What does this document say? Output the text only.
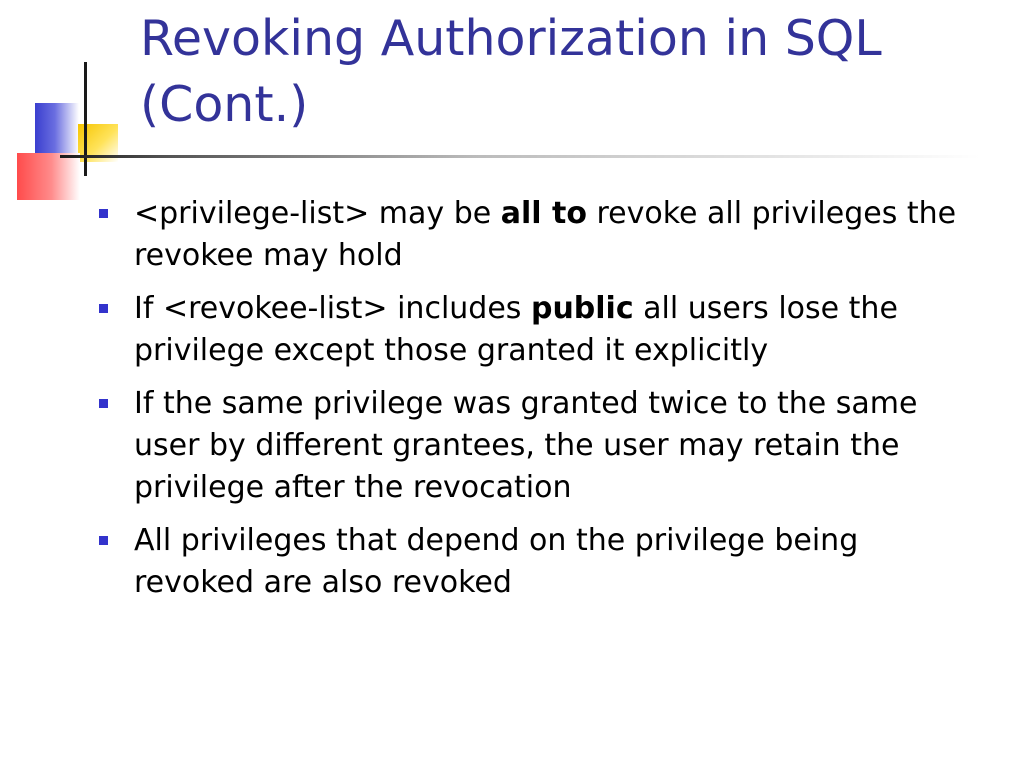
Revoking Authorization in SQL
(Cont.)
<privilege-list> may be all to revoke all privileges the revokee may hold
If <revokee-list> includes public all users lose the privilege except those granted it explicitly
If the same privilege was granted twice to the same user by different grantees, the user may retain the privilege after the revocation
All privileges that depend on the privilege being revoked are also revoked
